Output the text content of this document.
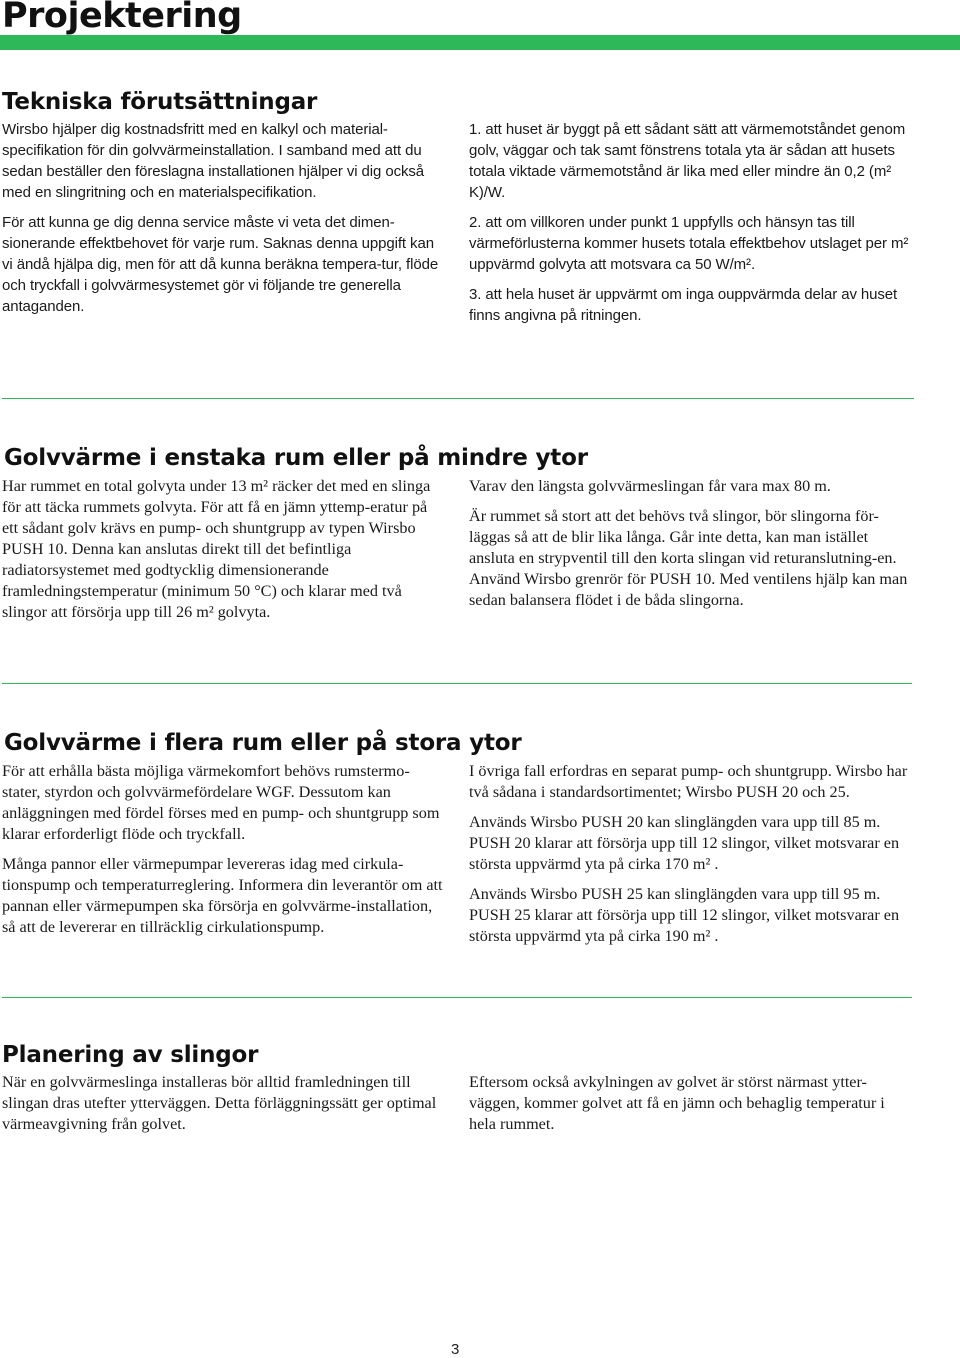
Projektering
Tekniska förutsättningar

Wirsbo hjälper dig kostnadsfritt med en kalkyl och material-specifikation för din golvvärmeinstallation. I samband med att du sedan beställer den föreslagna installationen hjälper vi dig också med en slingritning och en materialspecifikation.

För att kunna ge dig denna service måste vi veta det dimen-sionerande effektbehovet för varje rum. Saknas denna uppgift kan vi ändå hjälpa dig, men för att då kunna beräkna tempera-tur, flöde och tryckfall i golvvärmesystemet gör vi följande tre generella antaganden.

1. att huset är byggt på ett sådant sätt att värmemotståndet genom golv, väggar och tak samt fönstrens totala yta är sådan att husets totala viktade värmemotstånd är lika med eller mindre än 0,2 (m² K)/W.

2. att om villkoren under punkt 1 uppfylls och hänsyn tas till värmeförlusterna kommer husets totala effektbehov utslaget per m² uppvärmd golvyta att motsvara ca 50 W/m².

3. att hela huset är uppvärmt om inga ouppvärmda delar av huset finns angivna på ritningen.

Golvvärme i enstaka rum eller på mindre ytor

Har rummet en total golvyta under 13 m² räcker det med en slinga för att täcka rummets golvyta. För att få en jämn yttemp-eratur på ett sådant golv krävs en pump- och shuntgrupp av typen Wirsbo PUSH 10. Denna kan anslutas direkt till det befintliga radiatorsystemet med godtycklig dimensionerande framledningstemperatur (minimum 50 °C) och klarar med två slingor att försörja upp till 26 m² golvyta.

Varav den längsta golvvärmeslingan får vara max 80 m.

Är rummet så stort att det behövs två slingor, bör slingorna för-läggas så att de blir lika långa. Går inte detta, kan man istället ansluta en strypventil till den korta slingan vid returanslutning-en. Använd Wirsbo grenrör för PUSH 10. Med ventilens hjälp kan man sedan balansera flödet i de båda slingorna.

Golvvärme i flera rum eller på stora ytor

För att erhålla bästa möjliga värmekomfort behövs rumstermo-stater, styrdon och golvvärmefördelare WGF. Dessutom kan anläggningen med fördel förses med en pump- och shuntgrupp som klarar erforderligt flöde och tryckfall.

Många pannor eller värmepumpar levereras idag med cirkula-tionspump och temperaturreglering. Informera din leverantör om att pannan eller värmepumpen ska försörja en golvvärme-installation, så att de levererar en tillräcklig cirkulationspump.

I övriga fall erfordras en separat pump- och shuntgrupp. Wirsbo har två sådana i standardsortimentet; Wirsbo PUSH 20 och 25.

Används Wirsbo PUSH 20 kan slinglängden vara upp till 85 m. PUSH 20 klarar att försörja upp till 12 slingor, vilket motsvarar en största uppvärmd yta på cirka 170 m² .

Används Wirsbo PUSH 25 kan slinglängden vara upp till 95 m. PUSH 25 klarar att försörja upp till 12 slingor, vilket motsvarar en största uppvärmd yta på cirka 190 m² .

Planering av slingor

När en golvvärmeslinga installeras bör alltid framledningen till slingan dras utefter ytterväggen. Detta förläggningssätt ger optimal värmeavgivning från golvet.

Eftersom också avkylningen av golvet är störst närmast ytter-väggen, kommer golvet att få en jämn och behaglig temperatur i hela rummet.

3
